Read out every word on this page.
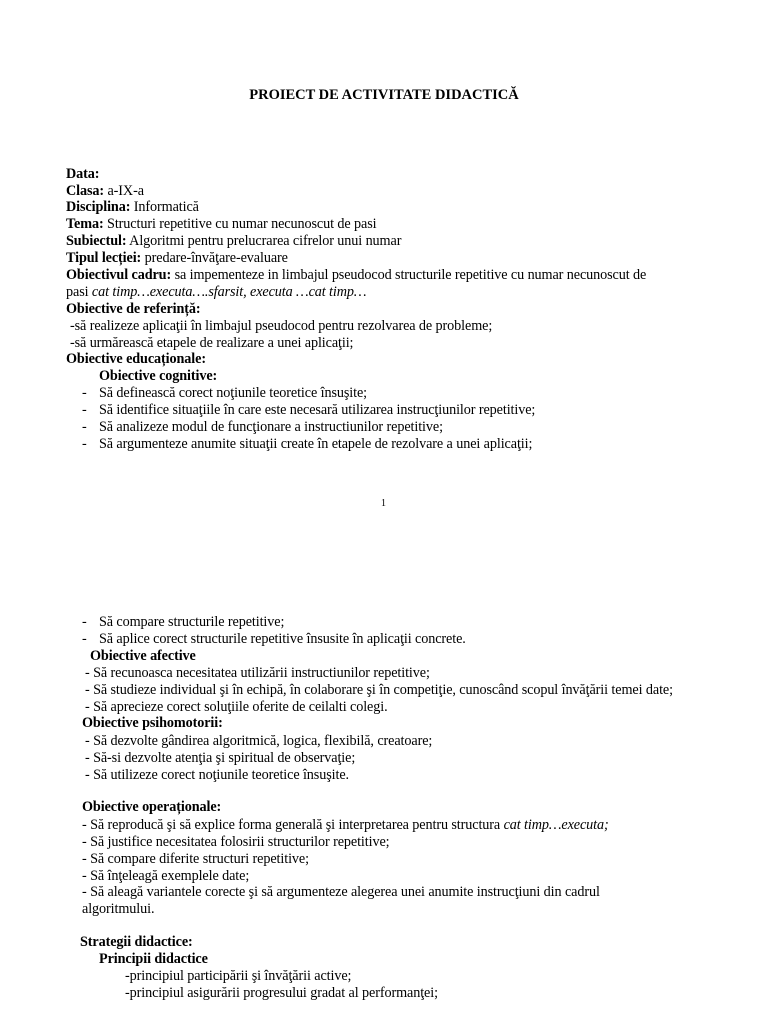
PROIECT DE ACTIVITATE DIDACTICĂ
Data:
Clasa: a-IX-a
Disciplina: Informatică
Tema: Structuri repetitive cu numar necunoscut de pasi
Subiectul: Algoritmi pentru prelucrarea cifrelor unui numar
Tipul lecției: predare-învăţare-evaluare
Obiectivul cadru: sa impementeze in limbajul pseudocod structurile repetitive cu numar necunoscut de
pasi cat timp…executa….sfarsit, executa …cat timp…
Obiective de referință:
-să realizeze aplicaţii în limbajul pseudocod pentru rezolvarea de probleme;
-să urmărească etapele de realizare a unei aplicaţii;
Obiective educaționale:
Obiective cognitive:
- Să definească corect noţiunile teoretice însuşite;
- Să identifice situaţiile în care este necesară utilizarea instrucţiunilor repetitive;
- Să analizeze modul de funcţionare a instructiunilor repetitive;
- Să argumenteze anumite situaţii create în etapele de rezolvare a unei aplicaţii;
1
- Să compare structurile repetitive;
- Să aplice corect structurile repetitive însusite în aplicaţii concrete.
Obiective afective
- Să recunoasca necesitatea utilizării instructiunilor repetitive;
- Să studieze individual şi în echipă, în colaborare şi în competiţie, cunoscând scopul învăţării temei date;
- Să aprecieze corect soluţiile oferite de ceilalti colegi.
Obiective psihomotorii:
- Să dezvolte gândirea algoritmică, logica, flexibilă, creatoare;
- Să-si dezvolte atenţia şi spiritual de observaţie;
- Să utilizeze corect noţiunile teoretice însuşite.
Obiective operaționale:
- Să reproducă şi să explice forma generală şi interpretarea pentru structura cat timp…executa;
- Să justifice necesitatea folosirii structurilor repetitive;
- Să compare diferite structuri repetitive;
- Să înţeleagă exemplele date;
- Să aleagă variantele corecte şi să argumenteze alegerea unei anumite instrucţiuni din cadrul
algoritmului.
Strategii didactice:
Principii didactice
-principiul participării şi învăţării active;
-principiul asigurării progresului gradat al performanţei;
